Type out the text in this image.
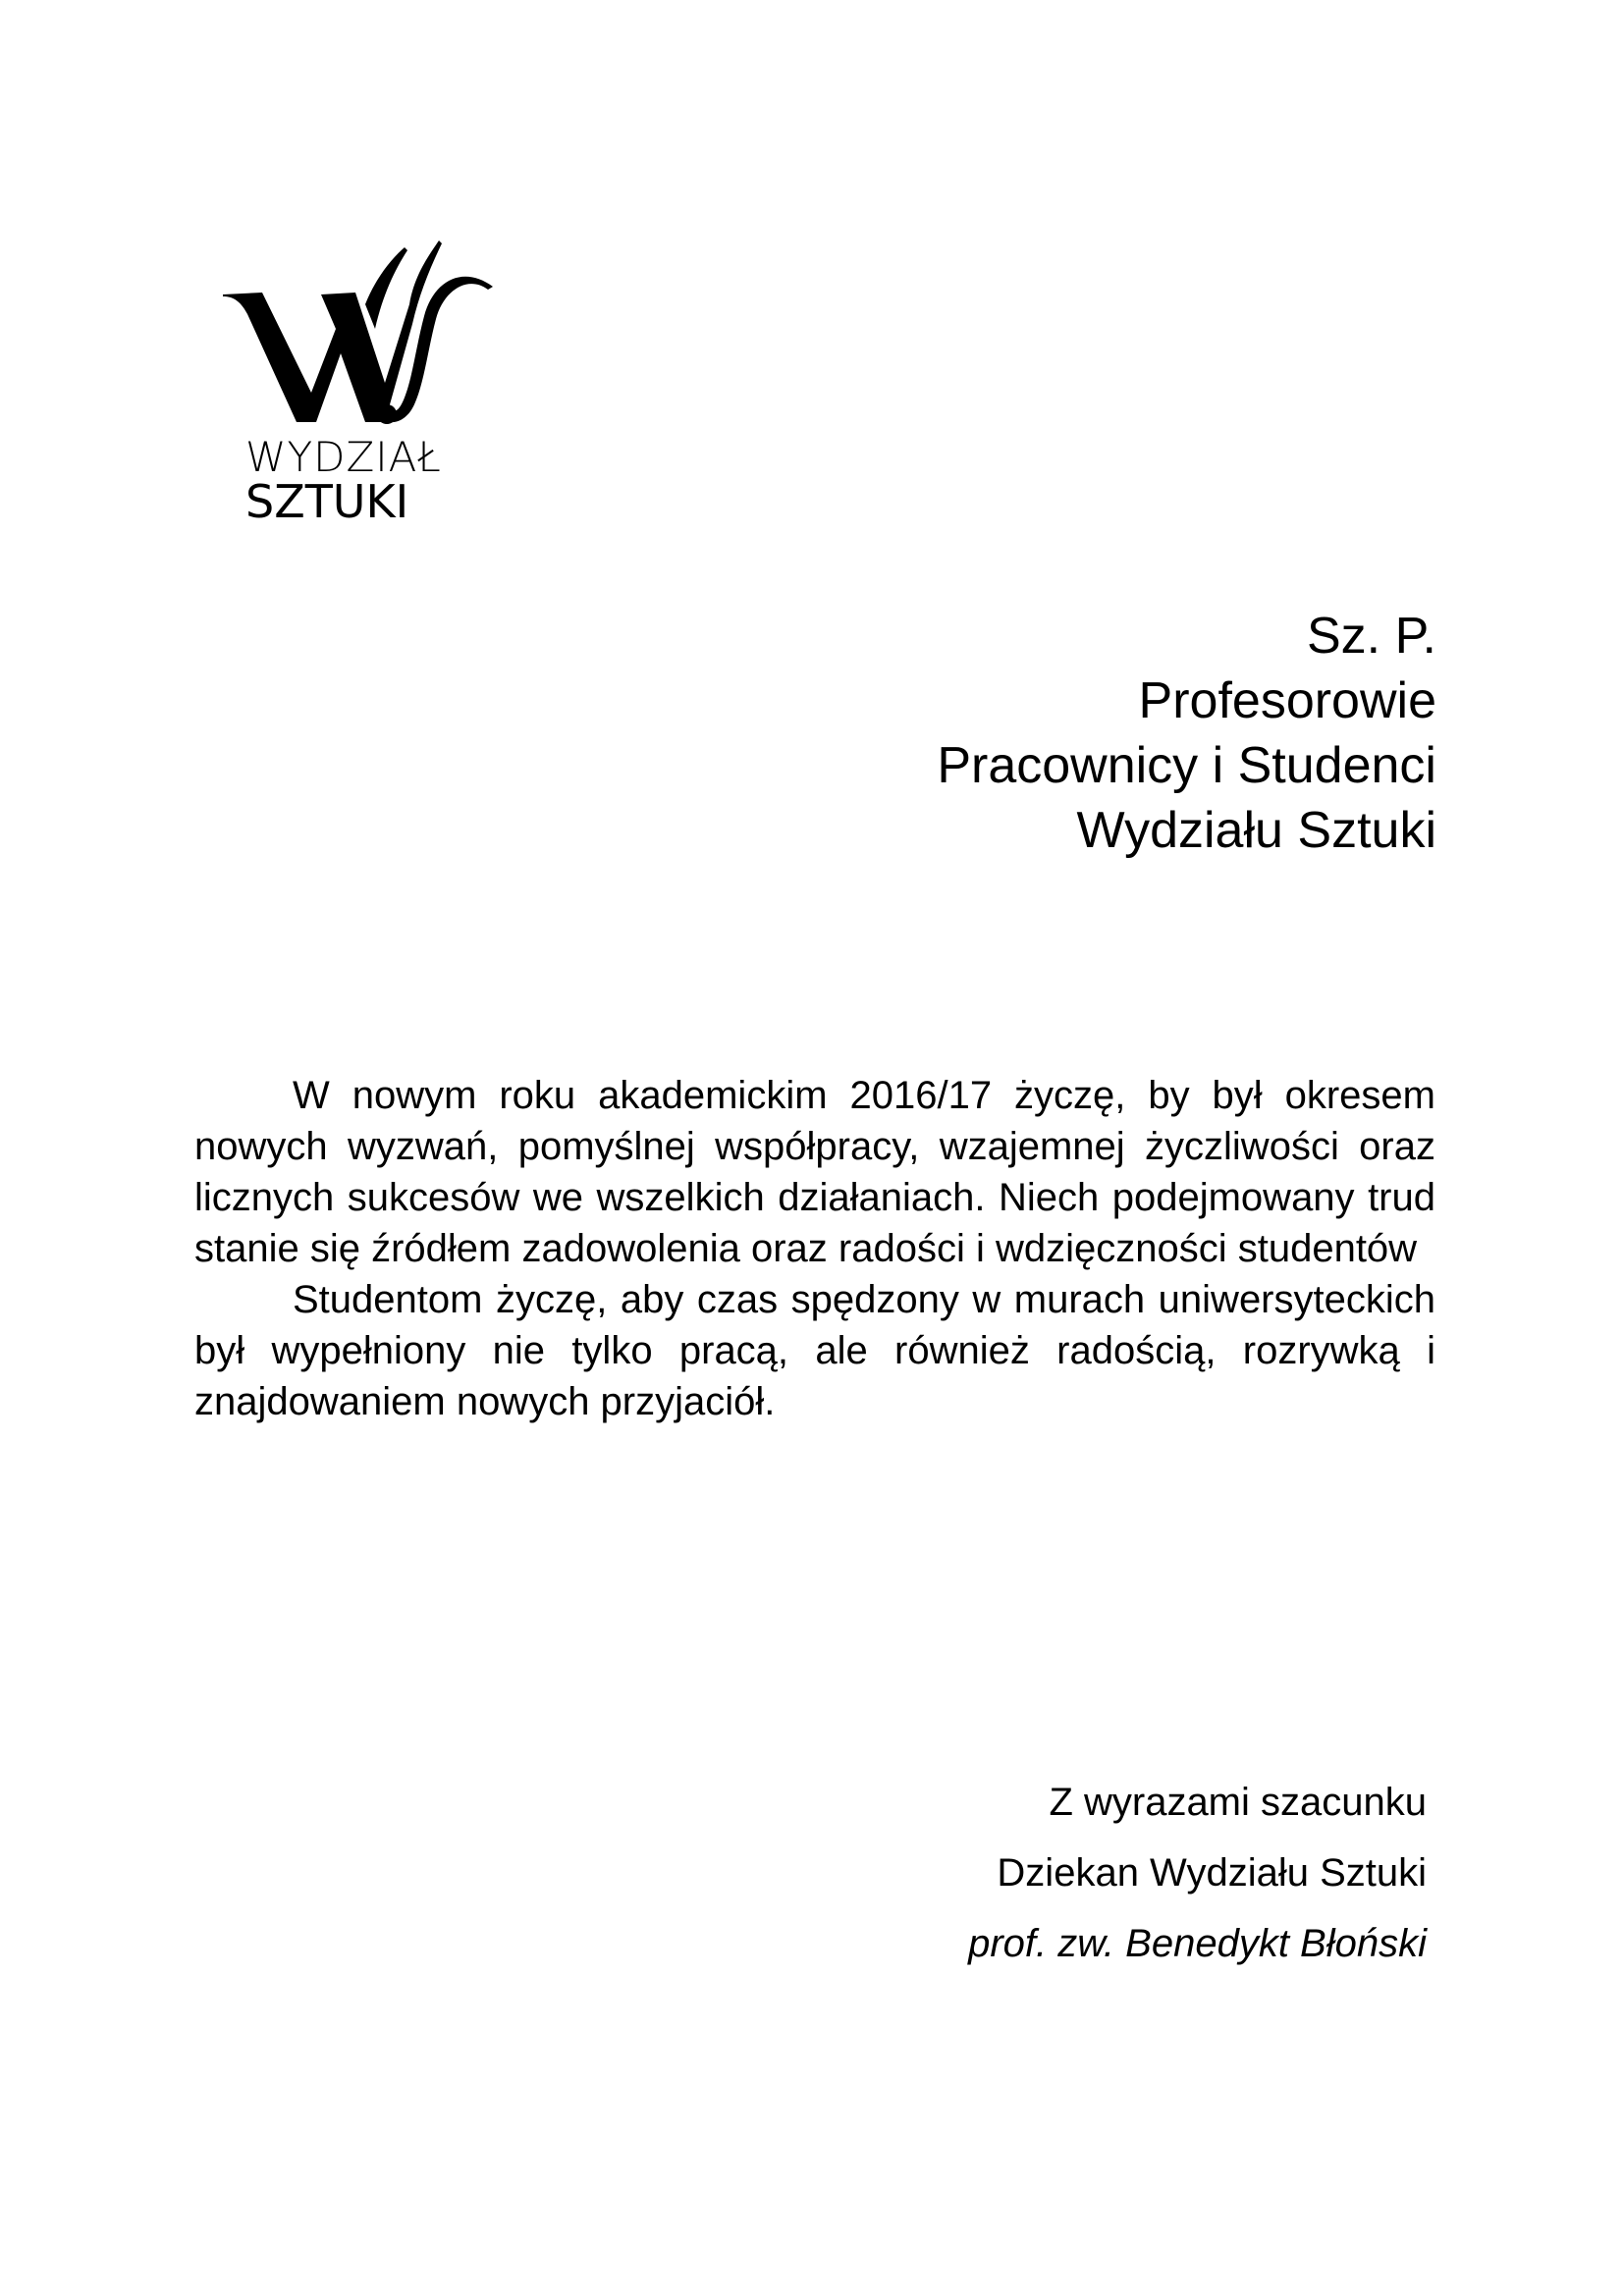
WYDZIAŁ
SZTUKI
Sz. P.
Profesorowie
Pracownicy i Studenci
Wydziału Sztuki

W nowym roku akademickim 2016/17 życzę, by był okresem nowych wyzwań, pomyślnej współpracy, wzajemnej życzliwości oraz licznych sukcesów we wszelkich działaniach. Niech podejmowany trud stanie się źródłem zadowolenia oraz radości i wdzięczności studentów

Studentom życzę, aby czas spędzony w murach uniwersyteckich był wypełniony nie tylko pracą, ale również radością, rozrywką i znajdowaniem nowych przyjaciół.

Z wyrazami szacunku
Dziekan Wydziału Sztuki
prof. zw. Benedykt Błoński
